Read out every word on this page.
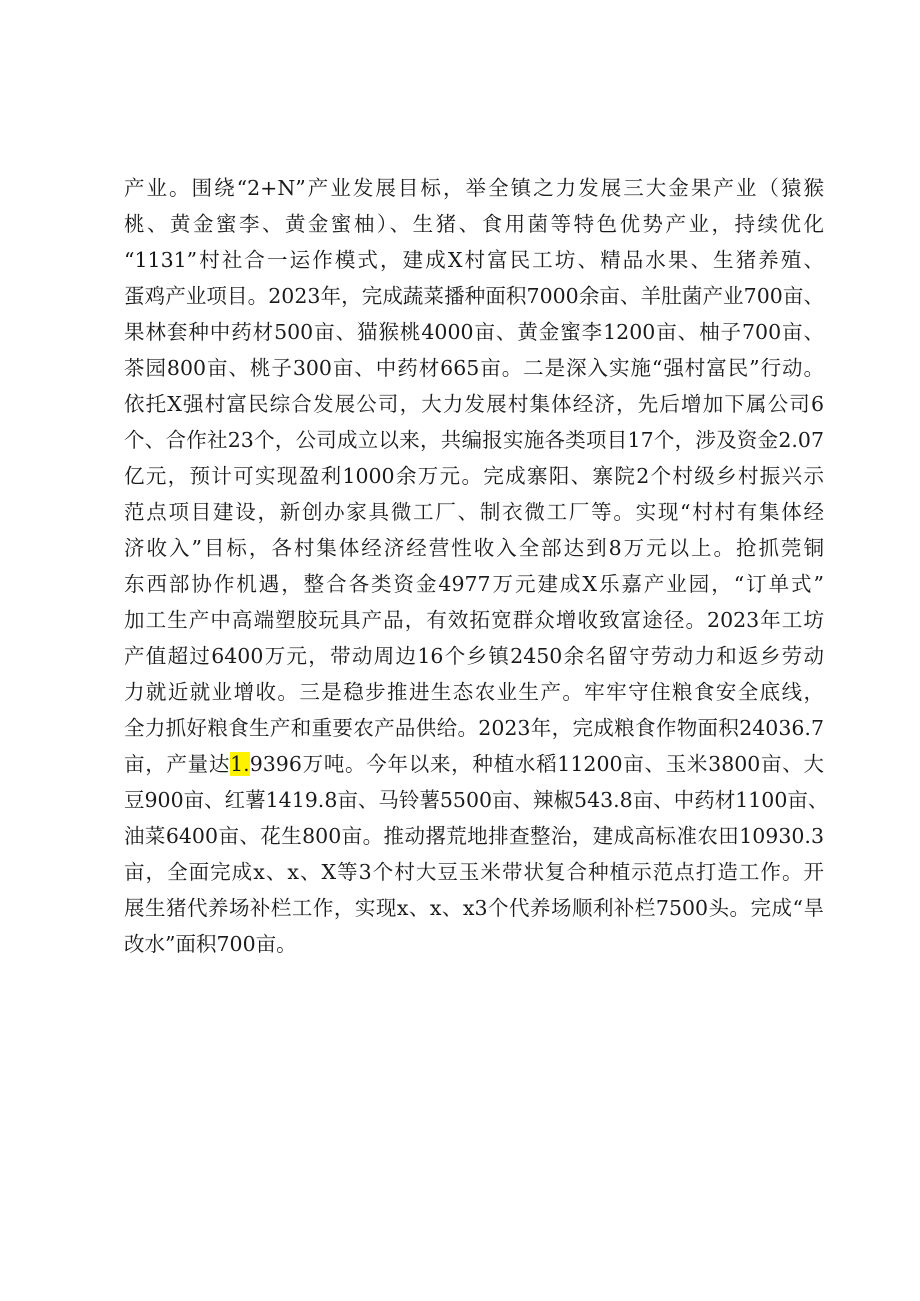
产业。围绕“2+N”产业发展目标，举全镇之力发展三大金果产业（猿猴
桃、黄金蜜李、黄金蜜柚）、生猪、食用菌等特色优势产业，持续优化
“1131”村社合一运作模式，建成X村富民工坊、精品水果、生猪养殖、
蛋鸡产业项目。2023年，完成蔬菜播种面积7000余亩、羊肚菌产业700亩、
果林套种中药材500亩、猫猴桃4000亩、黄金蜜李1200亩、柚子700亩、
茶园800亩、桃子300亩、中药材665亩。二是深入实施“强村富民”行动。
依托X强村富民综合发展公司，大力发展村集体经济，先后增加下属公司6
个、合作社23个，公司成立以来，共编报实施各类项目17个，涉及资金2.07
亿元，预计可实现盈利1000余万元。完成寨阳、寨院2个村级乡村振兴示
范点项目建设，新创办家具微工厂、制衣微工厂等。实现“村村有集体经
济收入”目标，各村集体经济经营性收入全部达到8万元以上。抢抓莞铜
东西部协作机遇，整合各类资金4977万元建成X乐嘉产业园，“订单式”
加工生产中高端塑胶玩具产品，有效拓宽群众增收致富途径。2023年工坊
产值超过6400万元，带动周边16个乡镇2450余名留守劳动力和返乡劳动
力就近就业增收。三是稳步推进生态农业生产。牢牢守住粮食安全底线，
全力抓好粮食生产和重要农产品供给。2023年，完成粮食作物面积24036.7
亩，产量达1.9396万吨。今年以来，种植水稻11200亩、玉米3800亩、大
豆900亩、红薯1419.8亩、马铃薯5500亩、辣椒543.8亩、中药材1100亩、
油菜6400亩、花生800亩。推动撂荒地排查整治，建成高标准农田10930.3
亩，全面完成x、x、X等3个村大豆玉米带状复合种植示范点打造工作。开
展生猪代养场补栏工作，实现x、x、x3个代养场顺利补栏7500头。完成“旱
改水”面积700亩。
